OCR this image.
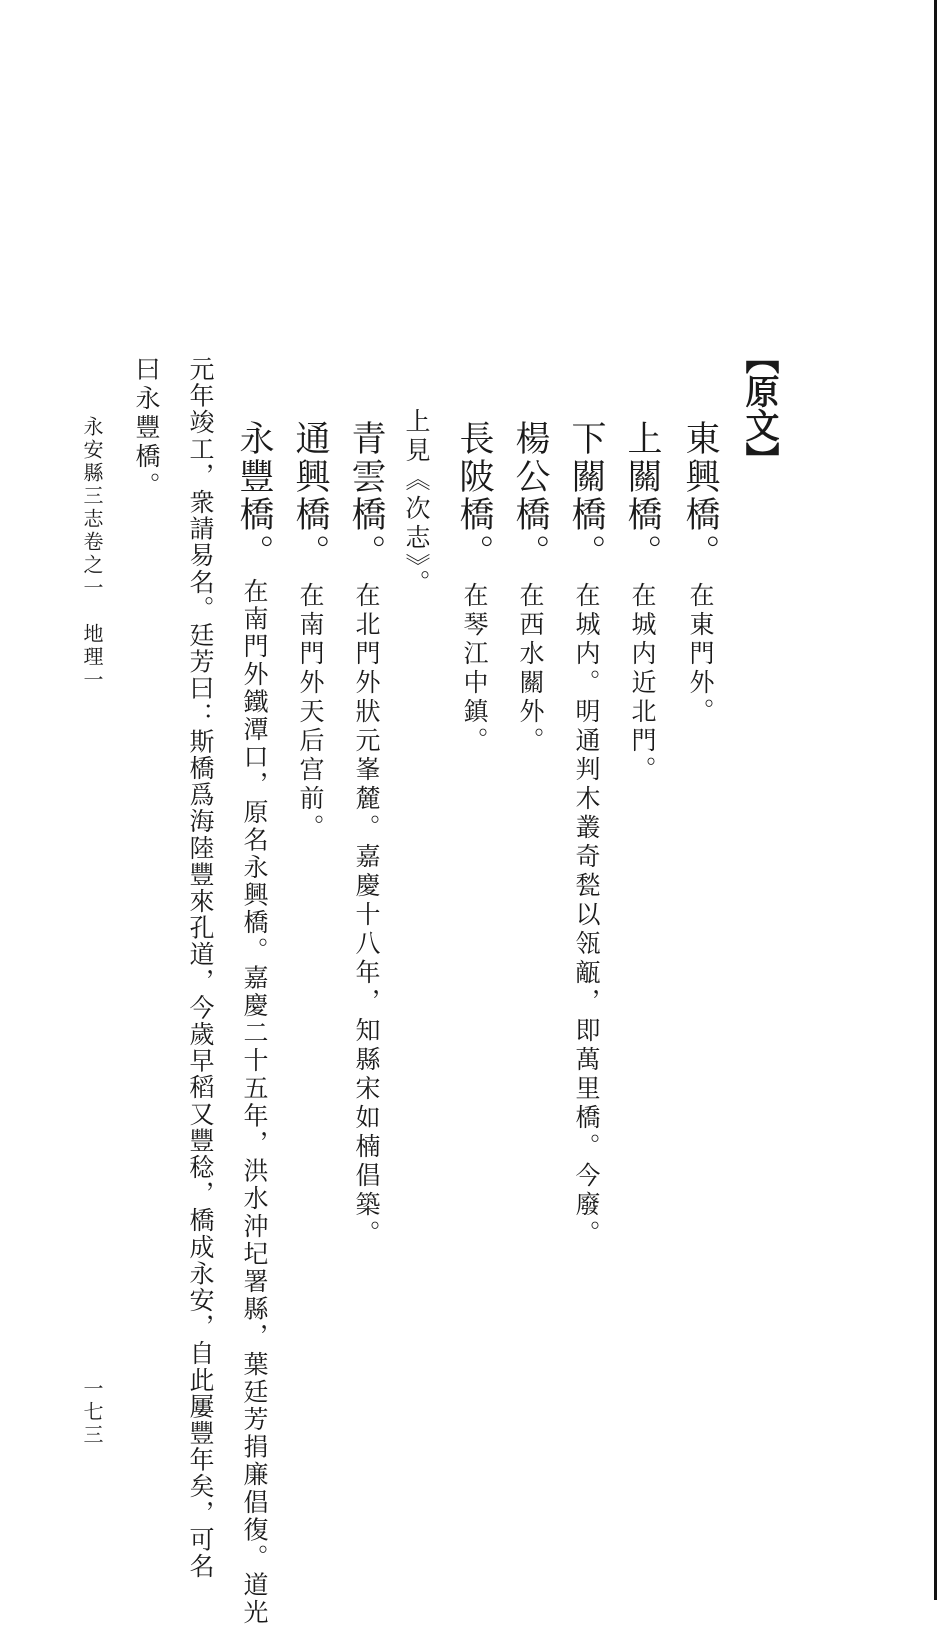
【原文】
東興橋。在東門外。
上關橋。在城内近北門。
下關橋。在城内。明通判木叢奇甃以瓴甋，即萬里橋。今廢。
楊公橋。在西水關外。
長陂橋。在琴江中鎮。
上見《次志》。
青雲橋。在北門外狀元峯麓。嘉慶十八年，知縣宋如楠倡築。
通興橋。在南門外天后宫前。
永豐橋。在南門外鐵潭口，原名永興橋。嘉慶二十五年，洪水沖圮署縣，葉廷芳捐廉倡復。道光
元年竣工，衆請易名。廷芳曰：斯橋爲海陸豐來孔道，今歲早稻又豐稔，橋成永安，自此屢豐年矣，可名
曰永豐橋。
永安縣三志卷之一　地理一
一七三
